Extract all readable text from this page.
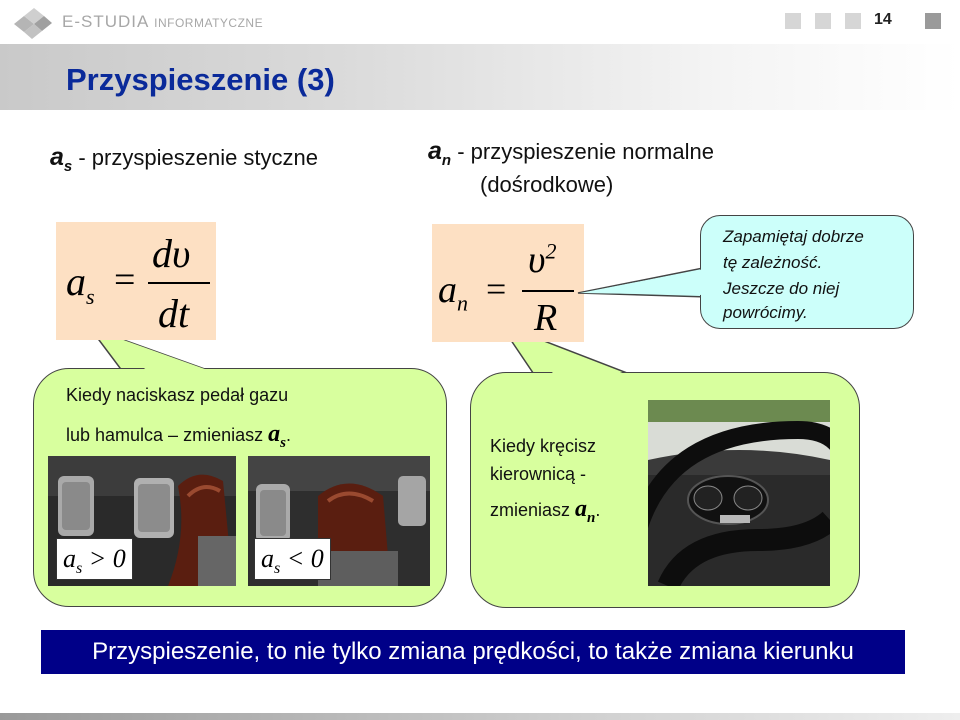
E-STUDIA INFORMATYCZNE	14
Przyspieszenie (3)
$a_s$ - przyspieszenie styczne	$a_n$ - przyspieszenie normalne
(dośrodkowe)
$a_s$ =
dυ
dt
Kiedy naciskasz pedał gazu
lub hamulca – zmieniasz $a_s$.
$a_s > 0$	$a_s < 0$
$a_n$ =
$\upsilon^2$
R
Zapamiętaj dobrze
tę zależność.
Jeszcze do niej
powrócimy.
Kiedy kręcisz
kierownicą -
zmieniasz $a_n$.
Przyspieszenie, to nie tylko zmiana prędkości, to także zmiana kierunku
